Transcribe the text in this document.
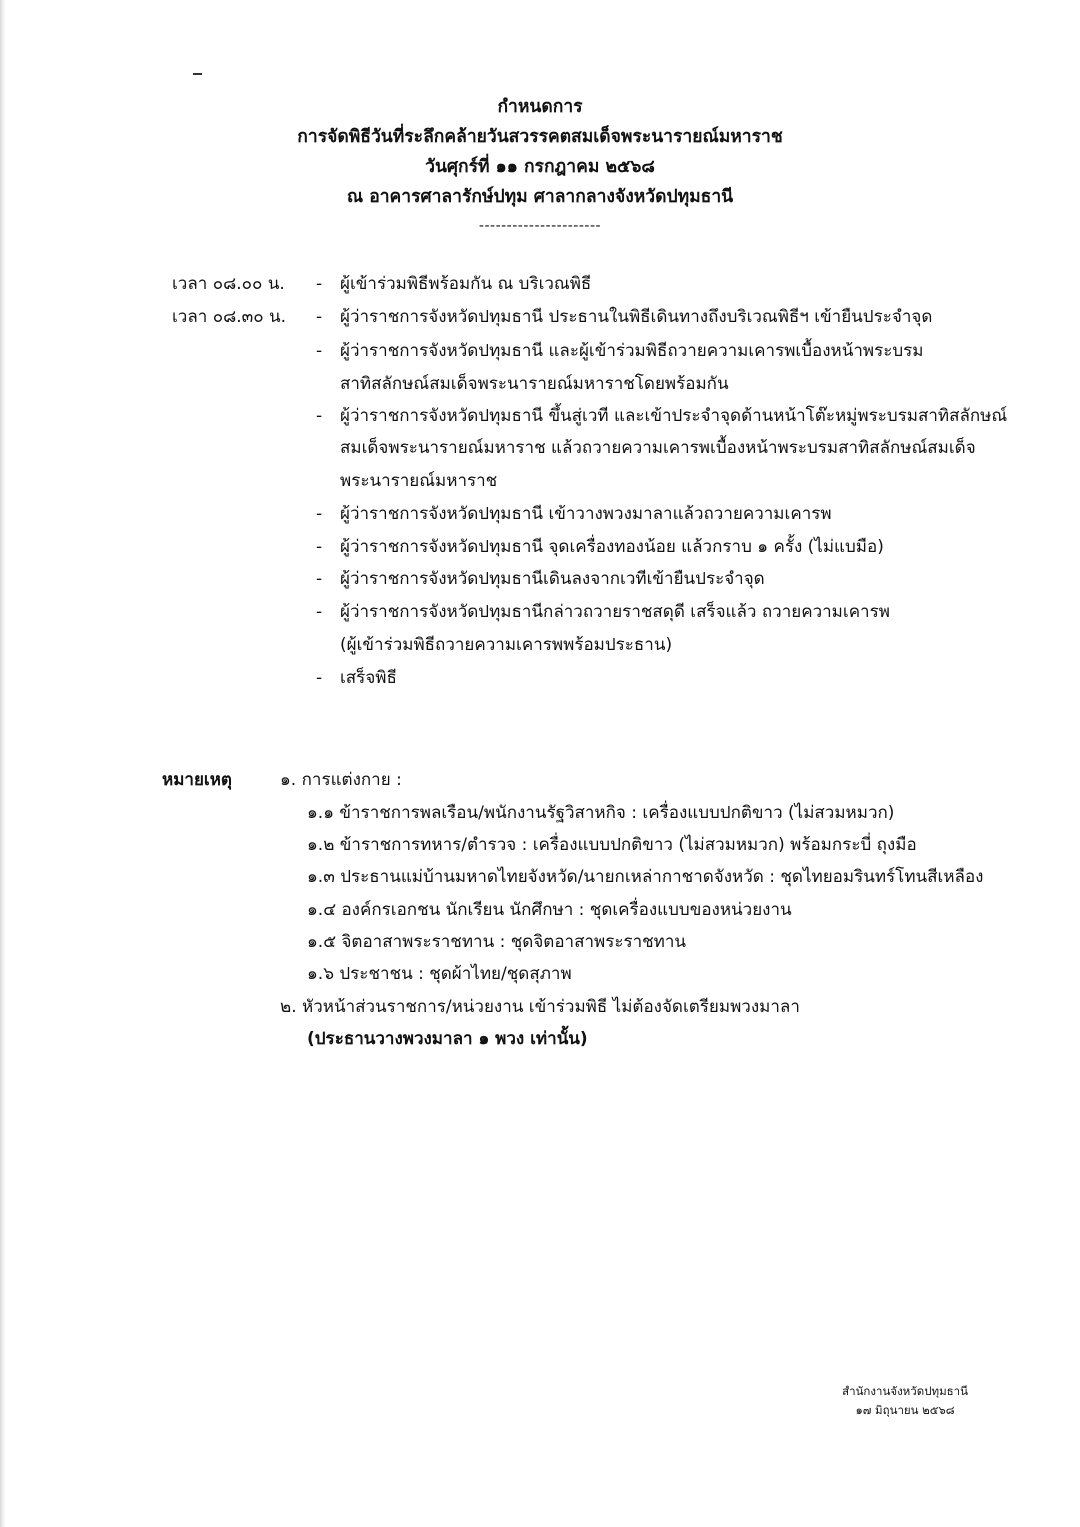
กำหนดการ
การจัดพิธีวันที่ระลึกคล้ายวันสวรรคตสมเด็จพระนารายณ์มหาราช
วันศุกร์ที่ ๑๑ กรกฎาคม ๒๕๖๘
ณ อาคารศาลารักษ์ปทุม ศาลากลางจังหวัดปทุมธานี
----------------------
เวลา ๐๘.๐๐ น. - ผู้เข้าร่วมพิธีพร้อมกัน ณ บริเวณพิธี
เวลา ๐๘.๓๐ น. - ผู้ว่าราชการจังหวัดปทุมธานี ประธานในพิธีเดินทางถึงบริเวณพิธีฯ เข้ายืนประจำจุด
- ผู้ว่าราชการจังหวัดปทุมธานี และผู้เข้าร่วมพิธีถวายความเคารพเบื้องหน้าพระบรม
สาทิสลักษณ์สมเด็จพระนารายณ์มหาราชโดยพร้อมกัน
- ผู้ว่าราชการจังหวัดปทุมธานี ขึ้นสู่เวที และเข้าประจำจุดด้านหน้าโต๊ะหมู่พระบรมสาทิสลักษณ์
สมเด็จพระนารายณ์มหาราช แล้วถวายความเคารพเบื้องหน้าพระบรมสาทิสลักษณ์สมเด็จ
พระนารายณ์มหาราช
- ผู้ว่าราชการจังหวัดปทุมธานี เข้าวางพวงมาลาแล้วถวายความเคารพ
- ผู้ว่าราชการจังหวัดปทุมธานี จุดเครื่องทองน้อย แล้วกราบ ๑ ครั้ง (ไม่แบมือ)
- ผู้ว่าราชการจังหวัดปทุมธานีเดินลงจากเวทีเข้ายืนประจำจุด
- ผู้ว่าราชการจังหวัดปทุมธานีกล่าวถวายราชสดุดี เสร็จแล้ว ถวายความเคารพ
(ผู้เข้าร่วมพิธีถวายความเคารพพร้อมประธาน)
- เสร็จพิธี
หมายเหตุ	๑. การแต่งกาย :
๑.๑ ข้าราชการพลเรือน/พนักงานรัฐวิสาหกิจ : เครื่องแบบปกติขาว (ไม่สวมหมวก)
๑.๒ ข้าราชการทหาร/ตำรวจ : เครื่องแบบปกติขาว (ไม่สวมหมวก) พร้อมกระบี่ ถุงมือ
๑.๓ ประธานแม่บ้านมหาดไทยจังหวัด/นายกเหล่ากาชาดจังหวัด : ชุดไทยอมรินทร์โทนสีเหลือง
๑.๔ องค์กรเอกชน นักเรียน นักศึกษา : ชุดเครื่องแบบของหน่วยงาน
๑.๕ จิตอาสาพระราชทาน : ชุดจิตอาสาพระราชทาน
๑.๖ ประชาชน : ชุดผ้าไทย/ชุดสุภาพ
๒. หัวหน้าส่วนราชการ/หน่วยงาน เข้าร่วมพิธี ไม่ต้องจัดเตรียมพวงมาลา
(ประธานวางพวงมาลา ๑ พวง เท่านั้น)
สำนักงานจังหวัดปทุมธานี
๑๗ มิถุนายน ๒๕๖๘
